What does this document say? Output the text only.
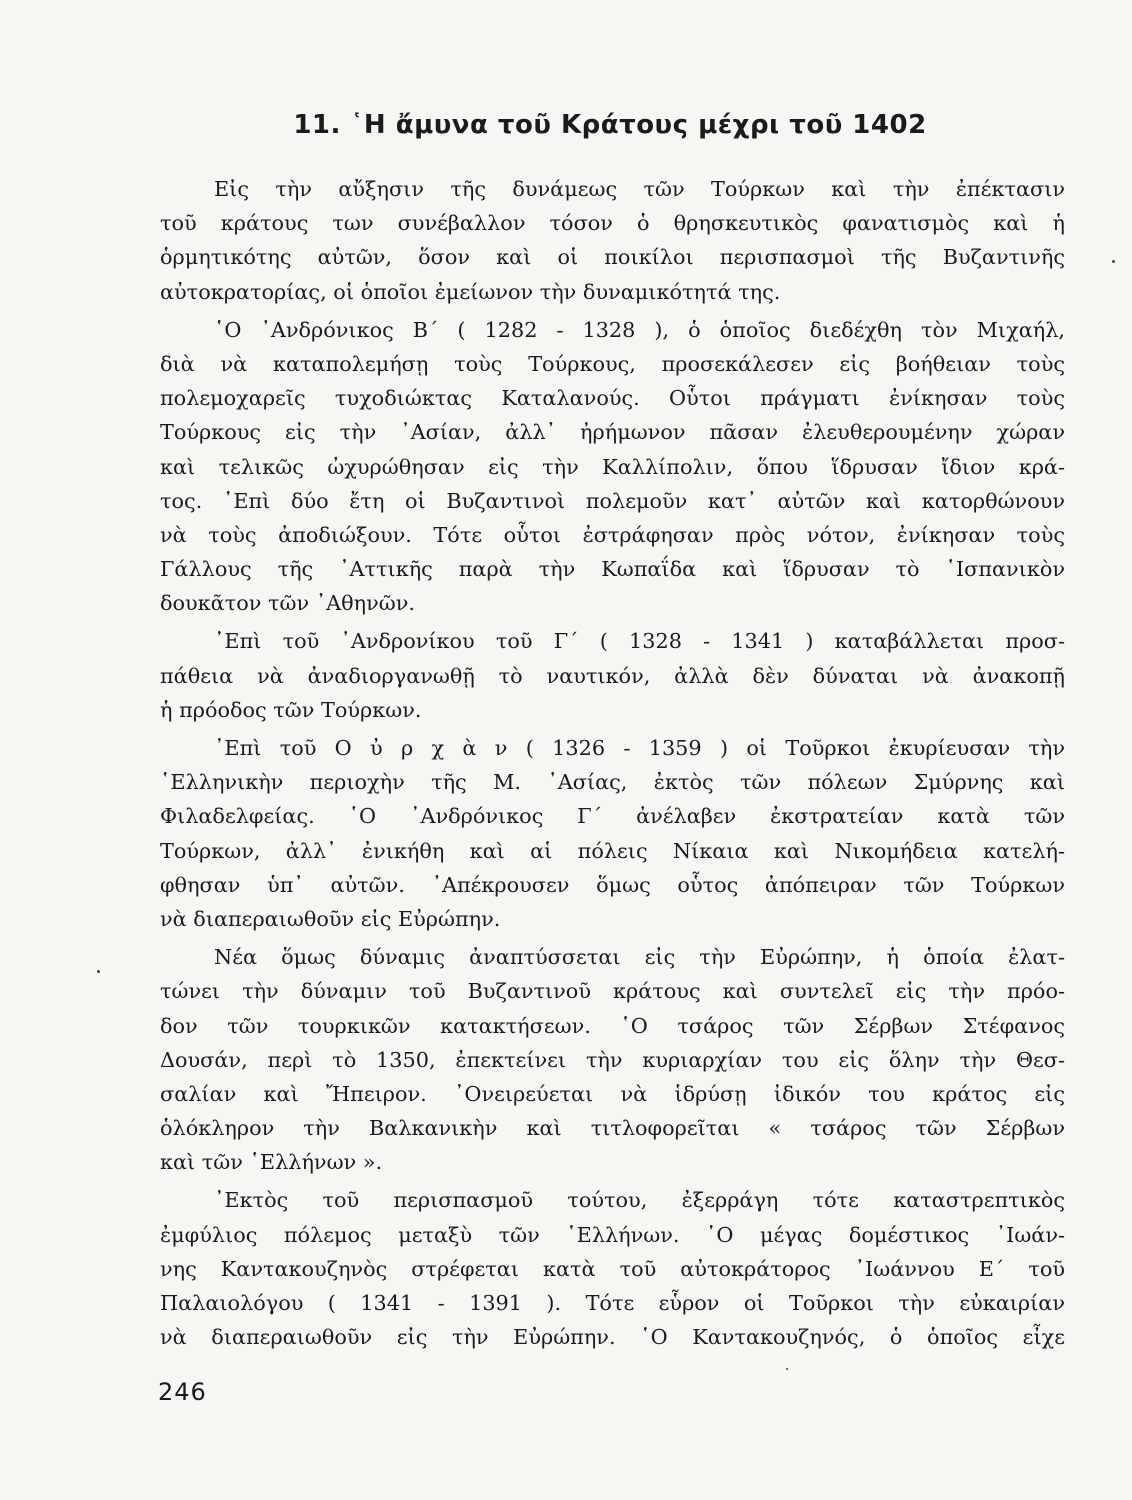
11. ῾Η ἄμυνα τοῦ Κράτους μέχρι τοῦ 1402
Εἰς τὴν αὔξησιν τῆς δυνάμεως τῶν Τούρκων καὶ τὴν ἐπέκτασιν
τοῦ κράτους των συνέβαλλον τόσον ὁ θρησκευτικὸς φανατισμὸς καὶ ἡ
ὁρμητικότης αὐτῶν, ὅσον καὶ οἱ ποικίλοι περισπασμοὶ τῆς Βυζαντινῆς
αὐτοκρατορίας, οἱ ὁποῖοι ἐμείωνον τὴν δυναμικότητά της.
῾Ο ᾿Ανδρόνικος Β΄ ( 1282 - 1328 ), ὁ ὁποῖος διεδέχθη τὸν Μιχαήλ,
διὰ νὰ καταπολεμήσῃ τοὺς Τούρκους, προσεκάλεσεν εἰς βοήθειαν τοὺς
πολεμοχαρεῖς τυχοδιώκτας Καταλανούς. Οὗτοι πράγματι ἐνίκησαν τοὺς
Τούρκους εἰς τὴν ᾿Ασίαν, ἀλλ᾿ ἠρήμωνον πᾶσαν ἐλευθερουμένην χώραν
καὶ τελικῶς ὠχυρώθησαν εἰς τὴν Καλλίπολιν, ὅπου ἵδρυσαν ἴδιον κρά-
τος. ᾿Επὶ δύο ἔτη οἱ Βυζαντινοὶ πολεμοῦν κατ᾿ αὐτῶν καὶ κατορθώνουν
νὰ τοὺς ἀποδιώξουν. Τότε οὗτοι ἐστράφησαν πρὸς νότον, ἐνίκησαν τοὺς
Γάλλους τῆς ᾿Αττικῆς παρὰ τὴν Κωπαΐδα καὶ ἵδρυσαν τὸ ῾Ισπανικὸν
δουκᾶτον τῶν ᾿Αθηνῶν.
᾿Επὶ τοῦ ᾿Ανδρονίκου τοῦ Γ΄ ( 1328 - 1341 ) καταβάλλεται προσ-
πάθεια νὰ ἀναδιοργανωθῇ τὸ ναυτικόν, ἀλλὰ δὲν δύναται νὰ ἀνακοπῇ
ἡ πρόοδος τῶν Τούρκων.
᾿Επὶ τοῦ Ο ὐ ρ χ ὰ ν ( 1326 - 1359 ) οἱ Τοῦρκοι ἐκυρίευσαν τὴν
῾Ελληνικὴν περιοχὴν τῆς Μ. ᾿Ασίας, ἐκτὸς τῶν πόλεων Σμύρνης καὶ
Φιλαδελφείας. ῾Ο ᾿Ανδρόνικος Γ΄ ἀνέλαβεν ἐκστρατείαν κατὰ τῶν
Τούρκων, ἀλλ᾿ ἐνικήθη καὶ αἱ πόλεις Νίκαια καὶ Νικομήδεια κατελή-
φθησαν ὑπ᾿ αὐτῶν. ᾿Απέκρουσεν ὅμως οὗτος ἀπόπειραν τῶν Τούρκων
νὰ διαπεραιωθοῦν εἰς Εὐρώπην.
Νέα ὅμως δύναμις ἀναπτύσσεται εἰς τὴν Εὐρώπην, ἡ ὁποία ἐλατ-
τώνει τὴν δύναμιν τοῦ Βυζαντινοῦ κράτους καὶ συντελεῖ εἰς τὴν πρόο-
δον τῶν τουρκικῶν κατακτήσεων. ῾Ο τσάρος τῶν Σέρβων Στέφανος
Δουσάν, περὶ τὸ 1350, ἐπεκτείνει τὴν κυριαρχίαν του εἰς ὅλην τὴν Θεσ-
σαλίαν καὶ Ἤπειρον. ᾿Ονειρεύεται νὰ ἱδρύσῃ ἰδικόν του κράτος εἰς
ὁλόκληρον τὴν Βαλκανικὴν καὶ τιτλοφορεῖται « τσάρος τῶν Σέρβων
καὶ τῶν ῾Ελλήνων ».
᾿Εκτὸς τοῦ περισπασμοῦ τούτου, ἐξερράγη τότε καταστρεπτικὸς
ἐμφύλιος πόλεμος μεταξὺ τῶν ῾Ελλήνων. ῾Ο μέγας δομέστικος ᾿Ιωάν-
νης Καντακουζηνὸς στρέφεται κατὰ τοῦ αὐτοκράτορος ᾿Ιωάννου Ε΄ τοῦ
Παλαιολόγου ( 1341 - 1391 ). Τότε εὗρον οἱ Τοῦρκοι τὴν εὐκαιρίαν
νὰ διαπεραιωθοῦν εἰς τὴν Εὐρώπην. ῾Ο Καντακουζηνός, ὁ ὁποῖος εἶχε
246
